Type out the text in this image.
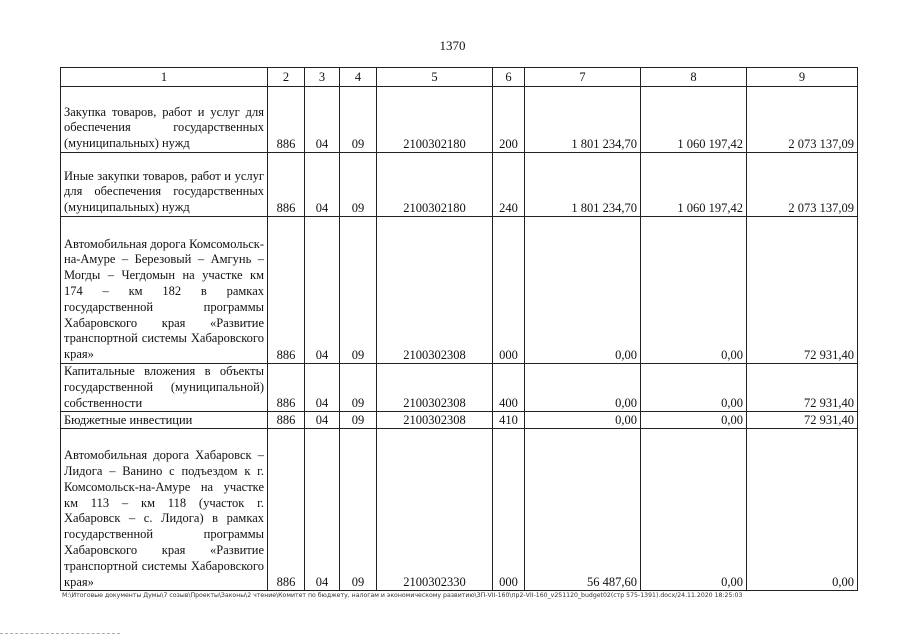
1370
1	2	3	4	5	6	7	8	9
Закупка товаров, работ и услуг для обеспечения государственных (муниципальных) нужд	886	04	09	2100302180	200	1 801 234,70	1 060 197,42	2 073 137,09
Иные закупки товаров, работ и услуг для обеспечения государственных (муниципальных) нужд	886	04	09	2100302180	240	1 801 234,70	1 060 197,42	2 073 137,09
Автомобильная дорога Комсомольск-на-Амуре – Березовый – Амгунь – Могды – Чегдомын на участке км 174 – км 182 в рамках государственной программы Хабаровского края «Развитие транспортной системы Хабаровского края»	886	04	09	2100302308	000	0,00	0,00	72 931,40
Капитальные вложения в объекты государственной (муниципальной) собственности	886	04	09	2100302308	400	0,00	0,00	72 931,40
Бюджетные инвестиции	886	04	09	2100302308	410	0,00	0,00	72 931,40
Автомобильная дорога Хабаровск – Лидога – Ванино с подъездом к г. Комсомольск-на-Амуре на участке км 113 – км 118 (участок г. Хабаровск – с. Лидога) в рамках государственной программы Хабаровского края «Развитие транспортной системы Хабаровского края»	886	04	09	2100302330	000	56 487,60	0,00	0,00
M:\Итоговые документы Думы\7 созыв\Проекты\Законы\2 чтение\Комитет по бюджету, налогам и экономическому развитию\ЗП-VII-160\пр2-VII-160_v251120_budget02(стр 575-1391).docx/24.11.2020 18:25:03
